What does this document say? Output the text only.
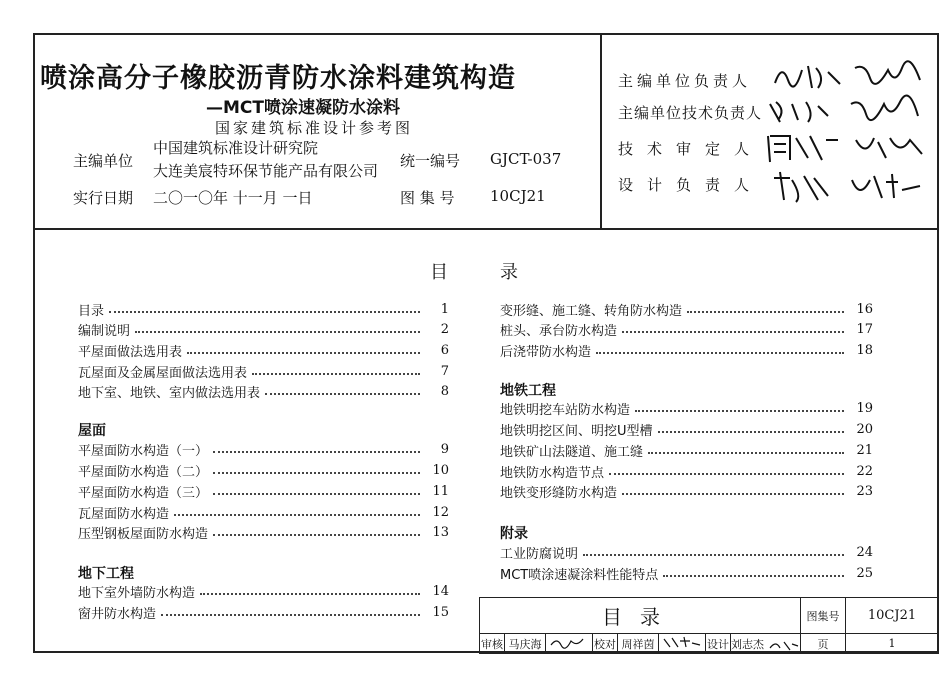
喷涂高分子橡胶沥青防水涂料建筑构造
—MCT喷涂速凝防水涂料
国家建筑标准设计参考图
主编单位
中国建筑标准设计研究院
大连美宸特环保节能产品有限公司
统一编号 GJCT-037
实行日期 二〇一〇年 十一月 一日	图 集 号 10CJ21
主编单位负责人
主编单位技术负责人
技术审定人
设计负责人
目	录
目录	1
编制说明	2
平屋面做法选用表	6
瓦屋面及金属屋面做法选用表	7
地下室、地铁、室内做法选用表	8
屋面
平屋面防水构造（一）	9
平屋面防水构造（二）	10
平屋面防水构造（三）	11
瓦屋面防水构造	12
压型钢板屋面防水构造	13
地下工程
地下室外墙防水构造	14
窗井防水构造	15
变形缝、施工缝、转角防水构造	16
桩头、承台防水构造	17
后浇带防水构造	18
地铁工程
地铁明挖车站防水构造	19
地铁明挖区间、明挖U型槽	20
地铁矿山法隧道、施工缝	21
地铁防水构造节点	22
地铁变形缝防水构造	23
附录
工业防腐说明	24
MCT喷涂速凝涂料性能特点	25
目录								图集号	10CJ21
审核	马庆海		校对	周祥茵		设计	刘志杰	页	1
